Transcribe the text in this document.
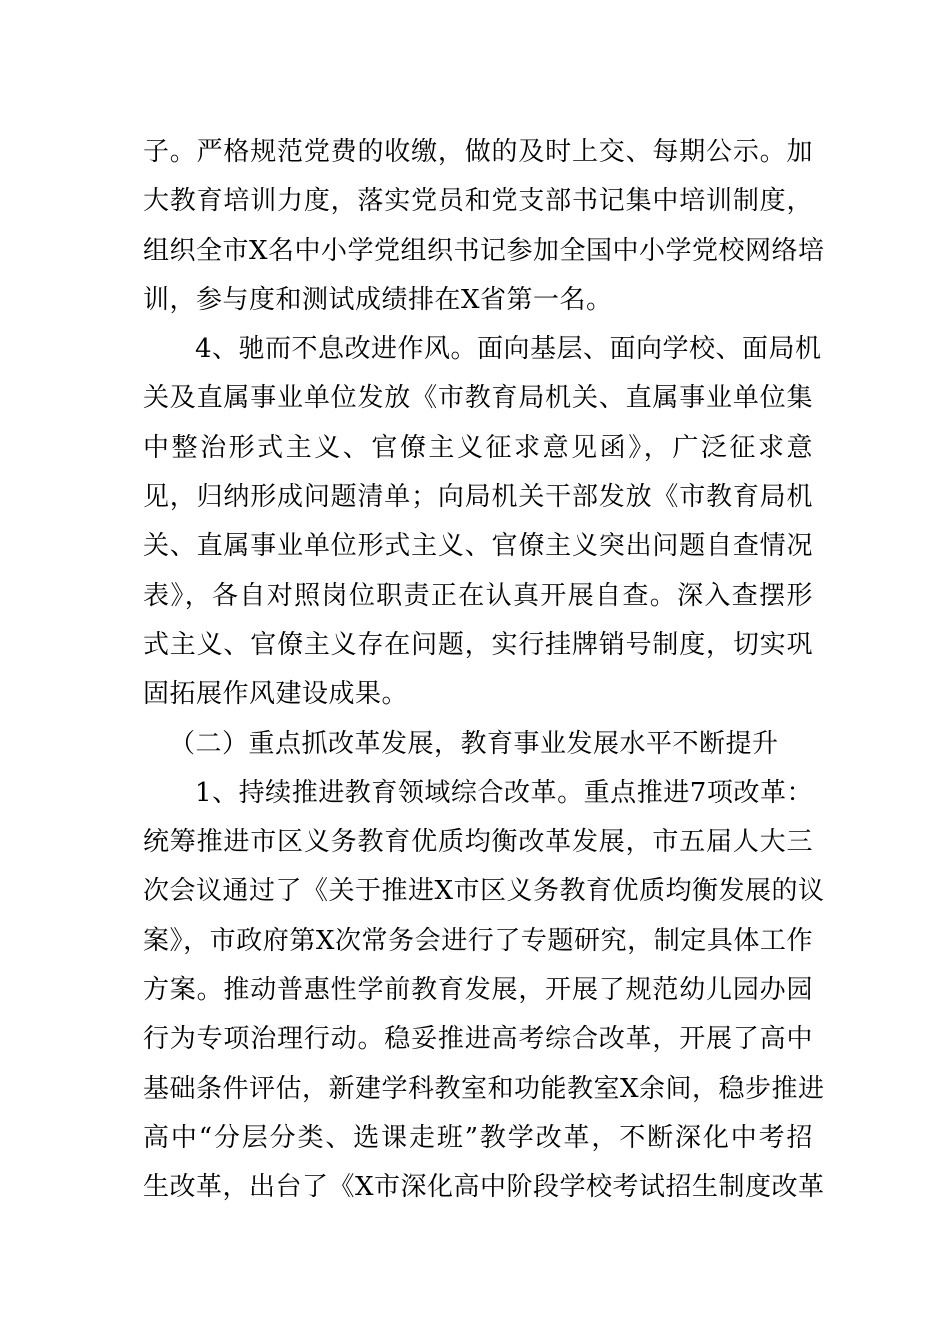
子。严格规范党费的收缴，做的及时上交、每期公示。加
大教育培训力度，落实党员和党支部书记集中培训制度，
组织全市X名中小学党组织书记参加全国中小学党校网络培
训，参与度和测试成绩排在X省第一名。
4、驰而不息改进作风。面向基层、面向学校、面局机
关及直属事业单位发放《市教育局机关、直属事业单位集
中整治形式主义、官僚主义征求意见函》，广泛征求意
见，归纳形成问题清单；向局机关干部发放《市教育局机
关、直属事业单位形式主义、官僚主义突出问题自查情况
表》，各自对照岗位职责正在认真开展自查。深入查摆形
式主义、官僚主义存在问题，实行挂牌销号制度，切实巩
固拓展作风建设成果。
（二）重点抓改革发展，教育事业发展水平不断提升
1、持续推进教育领域综合改革。重点推进7项改革：
统筹推进市区义务教育优质均衡改革发展，市五届人大三
次会议通过了《关于推进X市区义务教育优质均衡发展的议
案》，市政府第X次常务会进行了专题研究，制定具体工作
方案。推动普惠性学前教育发展，开展了规范幼儿园办园
行为专项治理行动。稳妥推进高考综合改革，开展了高中
基础条件评估，新建学科教室和功能教室X余间，稳步推进
高中“分层分类、选课走班”教学改革，不断深化中考招
生改革，出台了《X市深化高中阶段学校考试招生制度改革
